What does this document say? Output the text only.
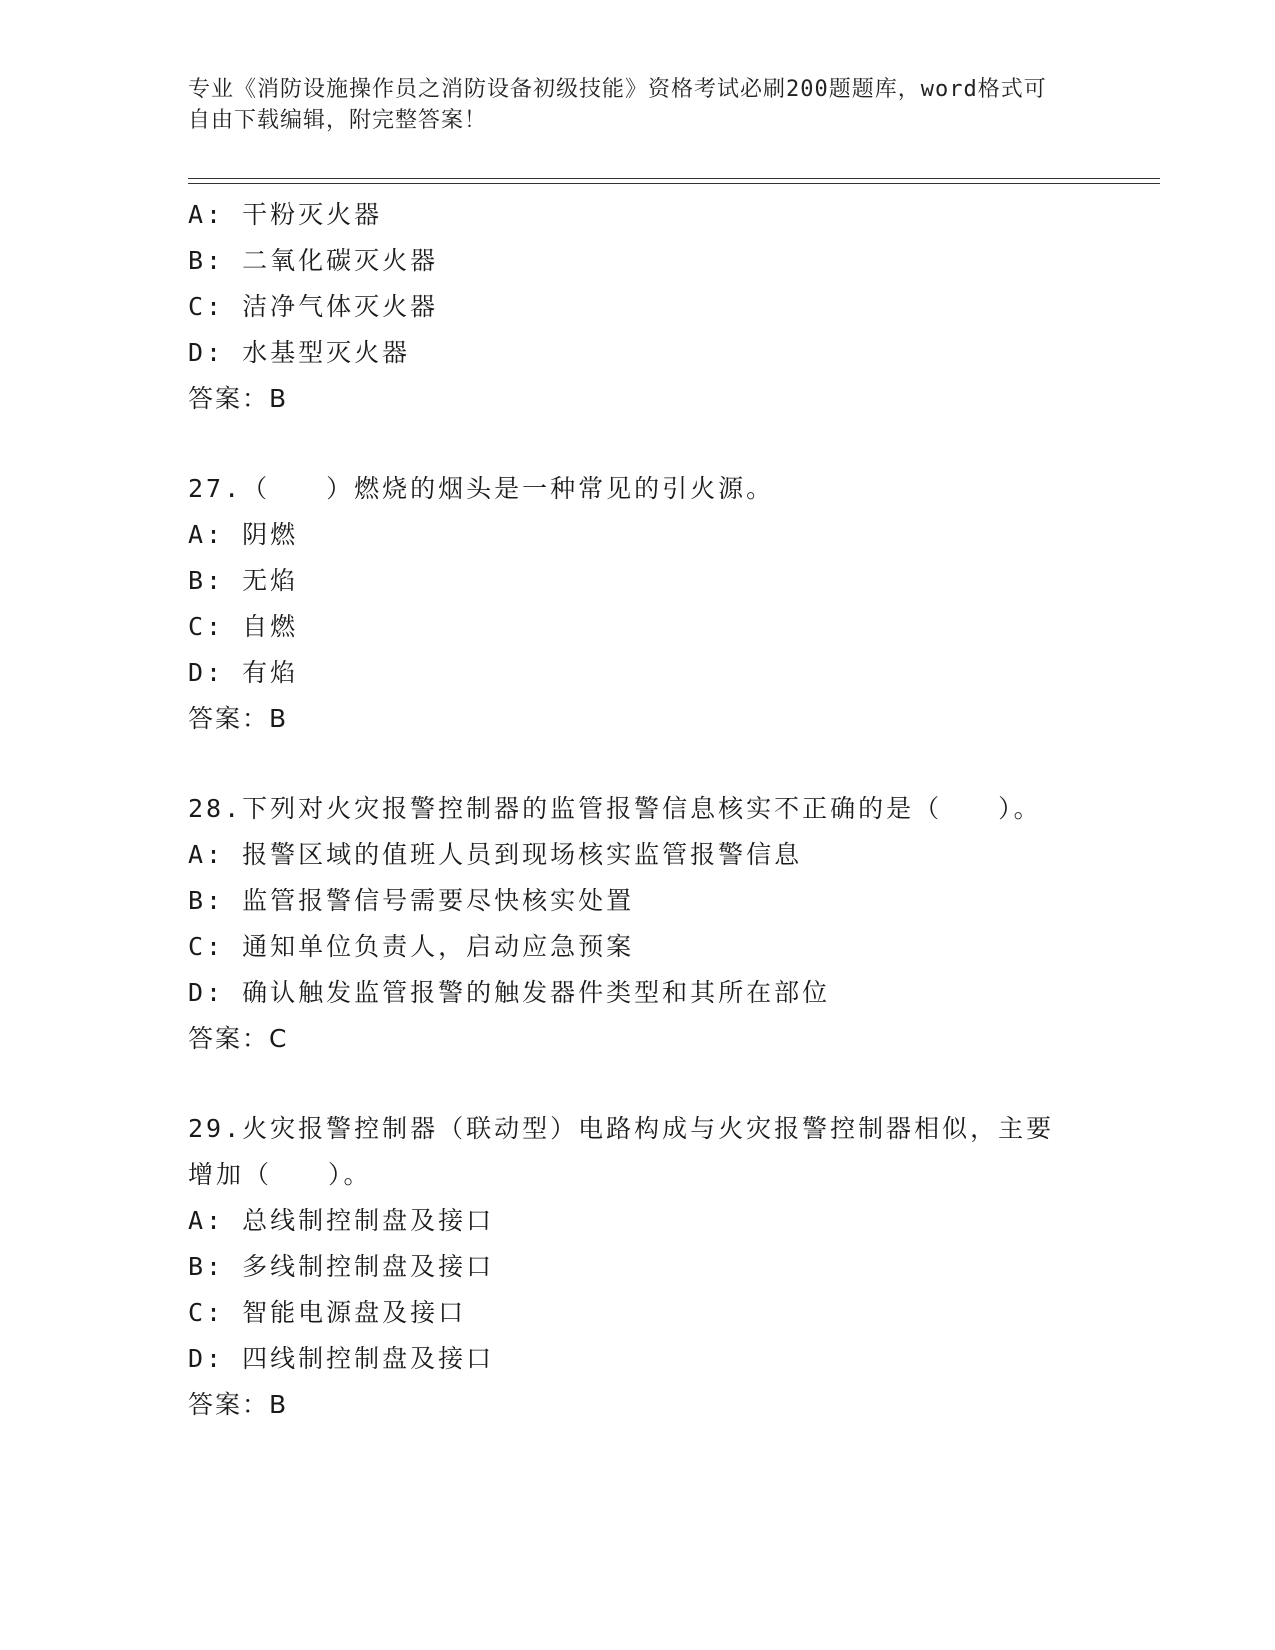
专业《消防设施操作员之消防设备初级技能》资格考试必刷200题题库，word格式可自由下载编辑，附完整答案！
A: 干粉灭火器
B: 二氧化碳灭火器
C: 洁净气体灭火器
D: 水基型灭火器
答案：B
27.（　　）燃烧的烟头是一种常见的引火源。
A: 阴燃
B: 无焰
C: 自燃
D: 有焰
答案：B
28.下列对火灾报警控制器的监管报警信息核实不正确的是（　　）。
A: 报警区域的值班人员到现场核实监管报警信息
B: 监管报警信号需要尽快核实处置
C: 通知单位负责人，启动应急预案
D: 确认触发监管报警的触发器件类型和其所在部位
答案：C
29.火灾报警控制器（联动型）电路构成与火灾报警控制器相似，主要
增加（　　）。
A: 总线制控制盘及接口
B: 多线制控制盘及接口
C: 智能电源盘及接口
D: 四线制控制盘及接口
答案：B
